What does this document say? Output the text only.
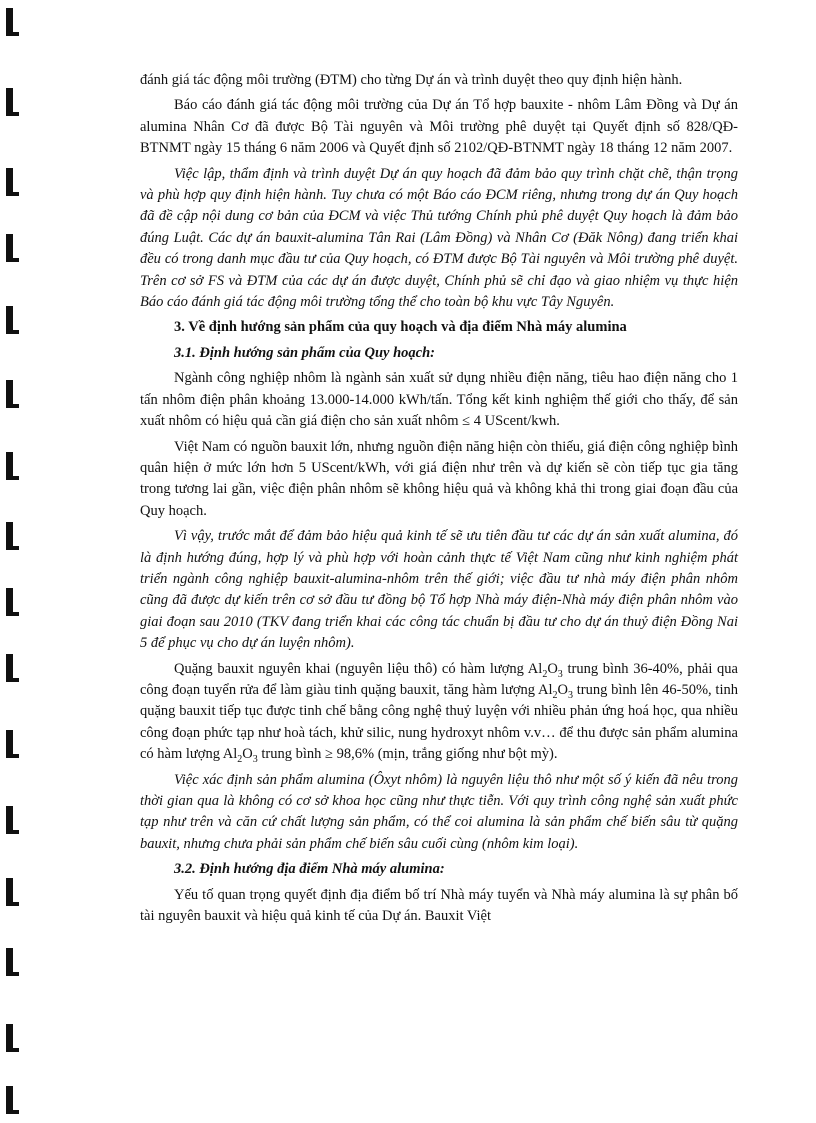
đánh giá tác động môi trường (ĐTM) cho từng Dự án và trình duyệt theo quy định hiện hành.

Báo cáo đánh giá tác động môi trường của Dự án Tổ hợp bauxite - nhôm Lâm Đồng và Dự án alumina Nhân Cơ đã được Bộ Tài nguyên và Môi trường phê duyệt tại Quyết định số 828/QĐ-BTNMT ngày 15 tháng 6 năm 2006 và Quyết định số 2102/QĐ-BTNMT ngày 18 tháng 12 năm 2007.

Việc lập, thẩm định và trình duyệt Dự án quy hoạch đã đảm bảo quy trình chặt chẽ, thận trọng và phù hợp quy định hiện hành. Tuy chưa có một Báo cáo ĐCM riêng, nhưng trong dự án Quy hoạch đã đề cập nội dung cơ bản của ĐCM và việc Thủ tướng Chính phủ phê duyệt Quy hoạch là đảm bảo đúng Luật. Các dự án bauxit-alumina Tân Rai (Lâm Đồng) và Nhân Cơ (Đăk Nông) đang triển khai đều có trong danh mục đầu tư của Quy hoạch, có ĐTM được Bộ Tài nguyên và Môi trường phê duyệt. Trên cơ sở FS và ĐTM của các dự án được duyệt, Chính phủ sẽ chỉ đạo và giao nhiệm vụ thực hiện Báo cáo đánh giá tác động môi trường tổng thể cho toàn bộ khu vực Tây Nguyên.

3. Về định hướng sản phẩm của quy hoạch và địa điểm Nhà máy alumina
3.1. Định hướng sản phẩm của Quy hoạch:

Ngành công nghiệp nhôm là ngành sản xuất sử dụng nhiều điện năng, tiêu hao điện năng cho 1 tấn nhôm điện phân khoảng 13.000-14.000 kWh/tấn. Tổng kết kinh nghiệm thế giới cho thấy, để sản xuất nhôm có hiệu quả cần giá điện cho sản xuất nhôm ≤ 4 UScent/kwh.

Việt Nam có nguồn bauxit lớn, nhưng nguồn điện năng hiện còn thiếu, giá điện công nghiệp bình quân hiện ở mức lớn hơn 5 UScent/kWh, với giá điện như trên và dự kiến sẽ còn tiếp tục gia tăng trong tương lai gần, việc điện phân nhôm sẽ không hiệu quả và không khả thi trong giai đoạn đầu của Quy hoạch.

Vì vậy, trước mắt để đảm bảo hiệu quả kinh tế sẽ ưu tiên đầu tư các dự án sản xuất alumina, đó là định hướng đúng, hợp lý và phù hợp với hoàn cảnh thực tế Việt Nam cũng như kinh nghiệm phát triển ngành công nghiệp bauxit-alumina-nhôm trên thế giới; việc đầu tư nhà máy điện phân nhôm cũng đã được dự kiến trên cơ sở đầu tư đồng bộ Tổ hợp Nhà máy điện-Nhà máy điện phân nhôm vào giai đoạn sau 2010 (TKV đang triển khai các công tác chuẩn bị đầu tư cho dự án thuỷ điện Đồng Nai 5 để phục vụ cho dự án luyện nhôm).

Quặng bauxit nguyên khai (nguyên liệu thô) có hàm lượng $Al_2O_3$ trung bình 36-40%, phải qua công đoạn tuyển rửa để làm giàu tinh quặng bauxit, tăng hàm lượng $Al_2O_3$ trung bình lên 46-50%, tinh quặng bauxit tiếp tục được tinh chế bằng công nghệ thuỷ luyện với nhiều phản ứng hoá học, qua nhiều công đoạn phức tạp như hoà tách, khử silic, nung hydroxyt nhôm v.v… để thu được sản phẩm alumina có hàm lượng $Al_2O_3$ trung bình ≥ 98,6% (mịn, trắng giống như bột mỳ).

Việc xác định sản phẩm alumina (Ôxyt nhôm) là nguyên liệu thô như một số ý kiến đã nêu trong thời gian qua là không có cơ sở khoa học cũng như thực tiễn. Với quy trình công nghệ sản xuất phức tạp như trên và căn cứ chất lượng sản phẩm, có thể coi alumina là sản phẩm chế biến sâu từ quặng bauxit, nhưng chưa phải sản phẩm chế biến sâu cuối cùng (nhôm kim loại).

3.2. Định hướng địa điểm Nhà máy alumina:

Yếu tố quan trọng quyết định địa điểm bố trí Nhà máy tuyển và Nhà máy alumina là sự phân bố tài nguyên bauxit và hiệu quả kinh tế của Dự án. Bauxit Việt
